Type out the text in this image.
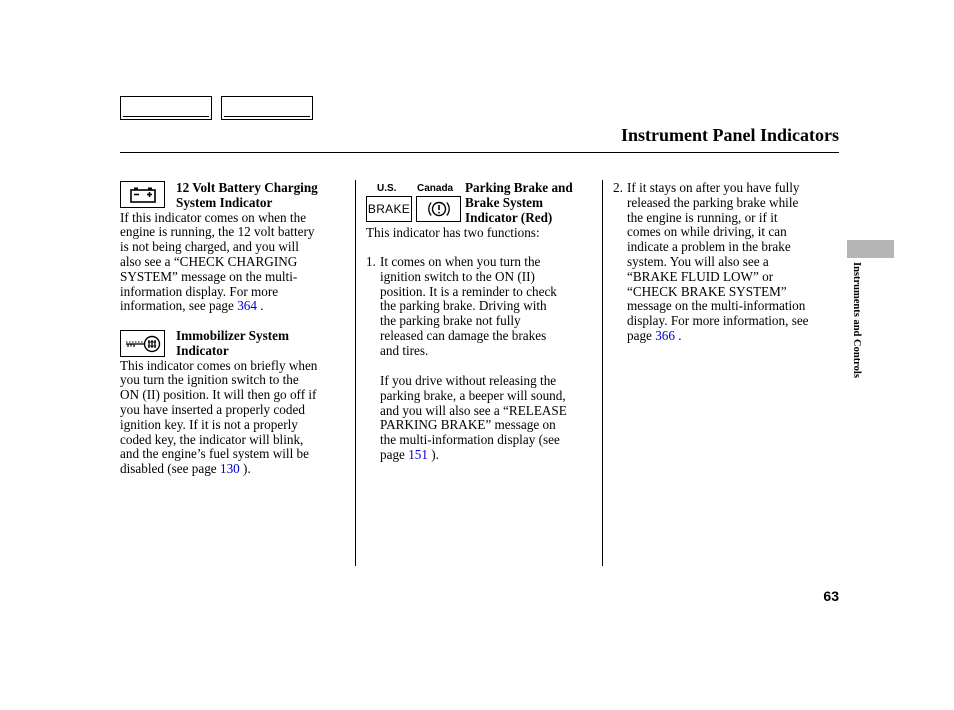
Instrument Panel Indicators

12 Volt Battery Charging

System Indicator

If this indicator comes on when the

engine is running, the 12 volt battery

is not being charged, and you will

also see a “CHECK CHARGING

SYSTEM” message on the multi-

information display. For more

information, see page 364 .

Immobilizer System

Indicator

This indicator comes on briefly when

you turn the ignition switch to the

ON (II) position. It will then go off if

you have inserted a properly coded

ignition key. If it is not a properly

coded key, the indicator will blink,

and the engine’s fuel system will be

disabled (see page 130 ).

U.S. Canada
BRAKE

Parking Brake and

Brake System

Indicator (Red)

This indicator has two functions:
1. It comes on when you turn the

ignition switch to the ON (II)

position. It is a reminder to check

the parking brake. Driving with

the parking brake not fully

released can damage the brakes

and tires.

If you drive without releasing the

parking brake, a beeper will sound,

and you will also see a “RELEASE

PARKING BRAKE” message on

the multi-information display (see

page 151 ).

2. If it stays on after you have fully

released the parking brake while

the engine is running, or if it

comes on while driving, it can

indicate a problem in the brake

system. You will also see a

“BRAKE FLUID LOW” or

“CHECK BRAKE SYSTEM”

message on the multi-information

display. For more information, see

page 366 .	Instruments and Controls
63
